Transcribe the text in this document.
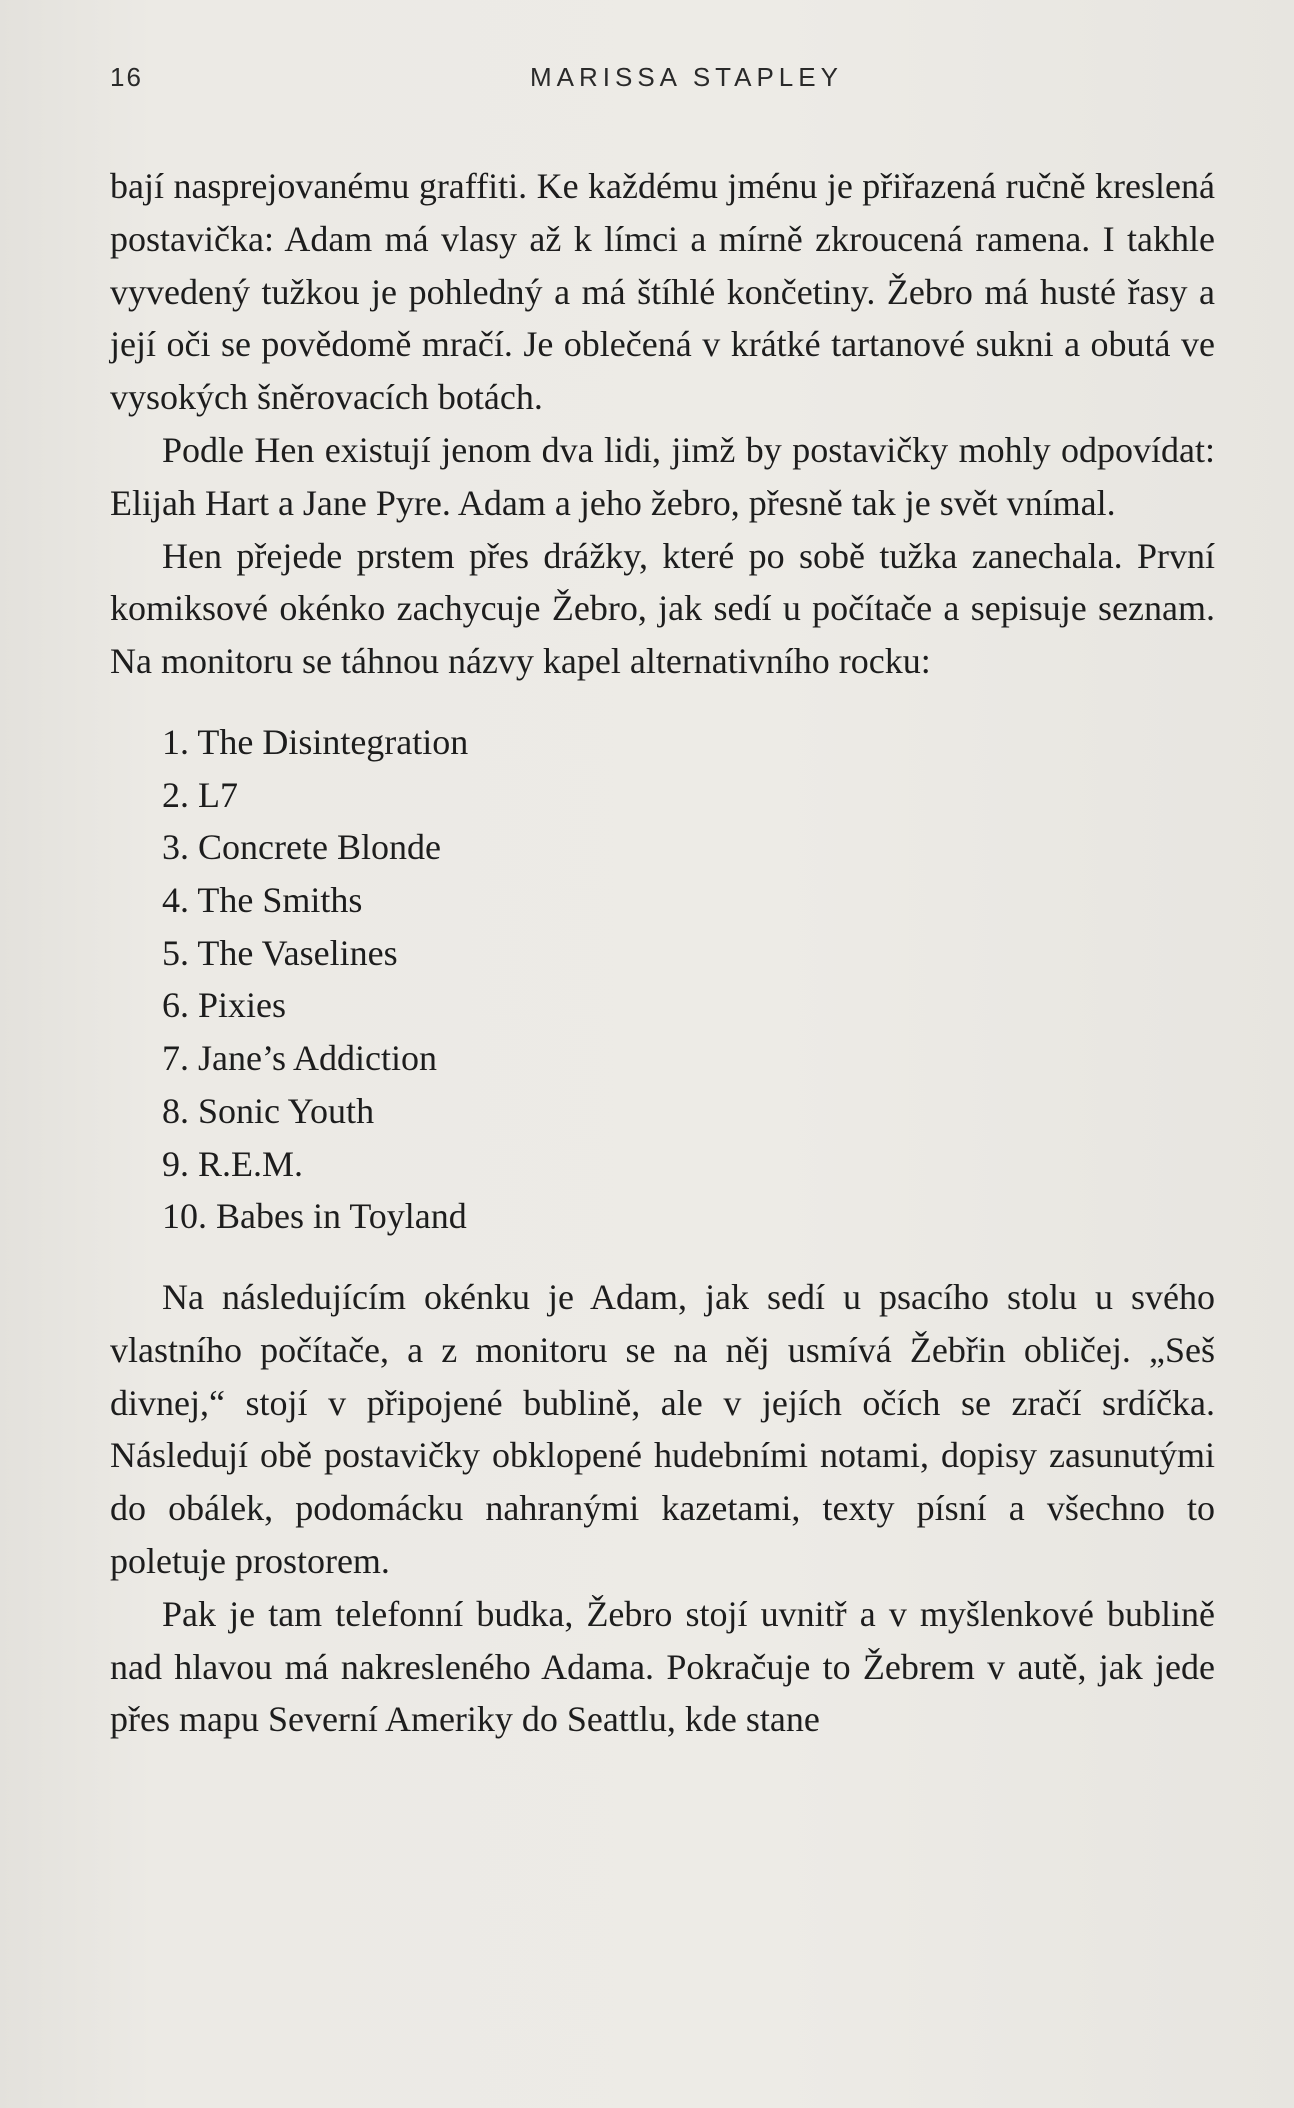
16	MARISSA STAPLEY

bají nasprejovanému graffiti. Ke každému jménu je přiřazená ručně kreslená postavička: Adam má vlasy až k límci a mírně zkroucená ramena. I takhle vyvedený tužkou je pohledný a má štíhlé končetiny. Žebro má husté řasy a její oči se povědomě mračí. Je oblečená v krátké tartanové sukni a obutá ve vysokých šněrovacích botách.

Podle Hen existují jenom dva lidi, jimž by postavičky mohly odpovídat: Elijah Hart a Jane Pyre. Adam a jeho žebro, přesně tak je svět vnímal.

Hen přejede prstem přes drážky, které po sobě tužka zanechala. První komiksové okénko zachycuje Žebro, jak sedí u počítače a sepisuje seznam. Na monitoru se táhnou názvy kapel alternativního rocku:

1. The Disintegration
2. L7
3. Concrete Blonde
4. The Smiths
5. The Vaselines
6. Pixies
7. Jane’s Addiction
8. Sonic Youth
9. R.E.M.
10. Babes in Toyland

Na následujícím okénku je Adam, jak sedí u psacího stolu u svého vlastního počítače, a z monitoru se na něj usmívá Žebřin obličej. „Seš divnej,“ stojí v připojené bublině, ale v jejích očích se zračí srdíčka. Následují obě postavičky obklopené hudebními notami, dopisy zasunutými do obálek, podomácku nahranými kazetami, texty písní a všechno to poletuje prostorem.

Pak je tam telefonní budka, Žebro stojí uvnitř a v myšlenkové bublině nad hlavou má nakresleného Adama. Pokračuje to Žebrem v autě, jak jede přes mapu Severní Ameriky do Seattlu, kde stane
